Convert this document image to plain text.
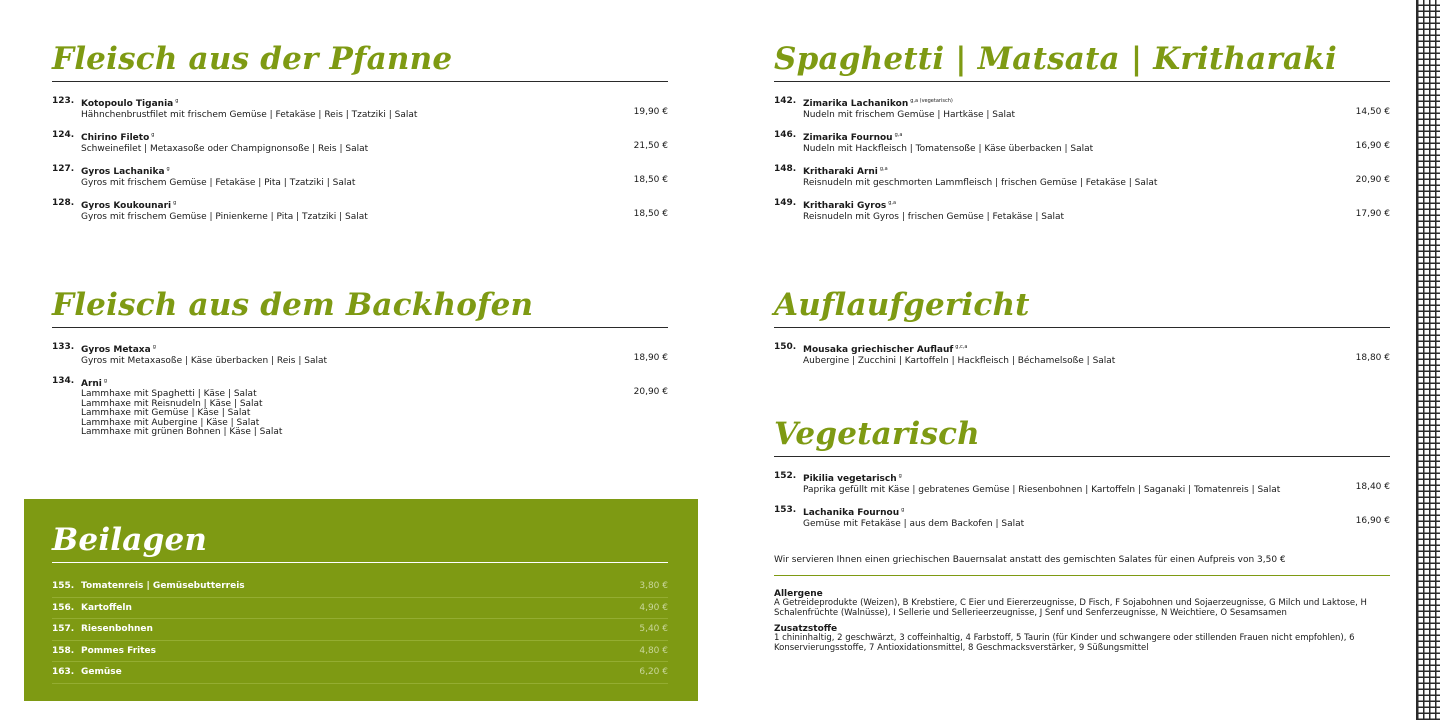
Fleisch aus der Pfanne
123. Kotopoulo Tigania $^g$
Hähnchenbrustfilet mit frischem Gemüse | Fetakäse | Reis | Tzatziki | Salat	19,90 €
124. Chirino Fileto $^g$
Schweinefilet | Metaxasoße oder Champignonsoße | Reis | Salat	21,50 €
127. Gyros Lachanika $^g$
Gyros mit frischem Gemüse | Fetakäse | Pita | Tzatziki | Salat	18,50 €
128. Gyros Koukounari $^g$
Gyros mit frischem Gemüse | Pinienkerne | Pita | Tzatziki | Salat	18,50 €
Fleisch aus dem Backhofen
133. Gyros Metaxa $^g$
Gyros mit Metaxasoße | Käse überbacken | Reis | Salat	18,90 €
134. Arni $^g$
Lammhaxe mit Spaghetti | Käse | Salat
Lammhaxe mit Reisnudeln | Käse | Salat
Lammhaxe mit Gemüse | Käse | Salat
Lammhaxe mit Aubergine | Käse | Salat
Lammhaxe mit grünen Bohnen | Käse | Salat
20,90 €
Beilagen
155. Tomatenreis | Gemüsebutterreis	3,80 €
156. Kartoffeln	4,90 €
157. Riesenbohnen	5,40 €
158. Pommes Frites	4,80 €
163. Gemüse	6,20 €
Spaghetti | Matsata | Kritharaki
142. Zimarika Lachanikon $^{g,a (vegetarisch)}$
Nudeln mit frischem Gemüse | Hartkäse | Salat	14,50 €
146. Zimarika Fournou $^{g,a}$
Nudeln mit Hackfleisch | Tomatensoße | Käse überbacken | Salat	16,90 €
148. Kritharaki Arni $^{g,a}$
Reisnudeln mit geschmorten Lammfleisch | frischen Gemüse | Fetakäse | Salat	20,90 €
149. Kritharaki Gyros $^{g,a}$
Reisnudeln mit Gyros | frischen Gemüse | Fetakäse | Salat	17,90 €
Auflaufgericht
150. Mousaka griechischer Auflauf $^{g,c,a}$
Aubergine | Zucchini | Kartoffeln | Hackfleisch | Béchamelsoße | Salat	18,80 €
Vegetarisch
152. Pikilia vegetarisch $^g$
Paprika gefüllt mit Käse | gebratenes Gemüse | Riesenbohnen | Kartoffeln | Saganaki | Tomatenreis | Salat	18,40 €
153. Lachanika Fournou $^g$
Gemüse mit Fetakäse | aus dem Backofen | Salat	16,90 €
Wir servieren Ihnen einen griechischen Bauernsalat anstatt des gemischten Salates für einen Aufpreis von 3,50 €
Allergene
A Getreideprodukte (Weizen), B Krebstiere, C Eier und Eiererzeugnisse, D Fisch, F Sojabohnen und Sojaerzeugnisse, G Milch und Laktose, H Schalenfrüchte (Walnüsse), I Sellerie und Sellerieerzeugnisse, J Senf und Senferzeugnisse, N Weichtiere, O Sesamsamen
Zusatzstoffe
1 chininhaltig, 2 geschwärzt, 3 coffeinhaltig, 4 Farbstoff, 5 Taurin (für Kinder und schwangere oder stillenden Frauen nicht empfohlen), 6 Konservierungsstoffe, 7 Antioxidationsmittel, 8 Geschmacksverstärker, 9 Süßungsmittel
